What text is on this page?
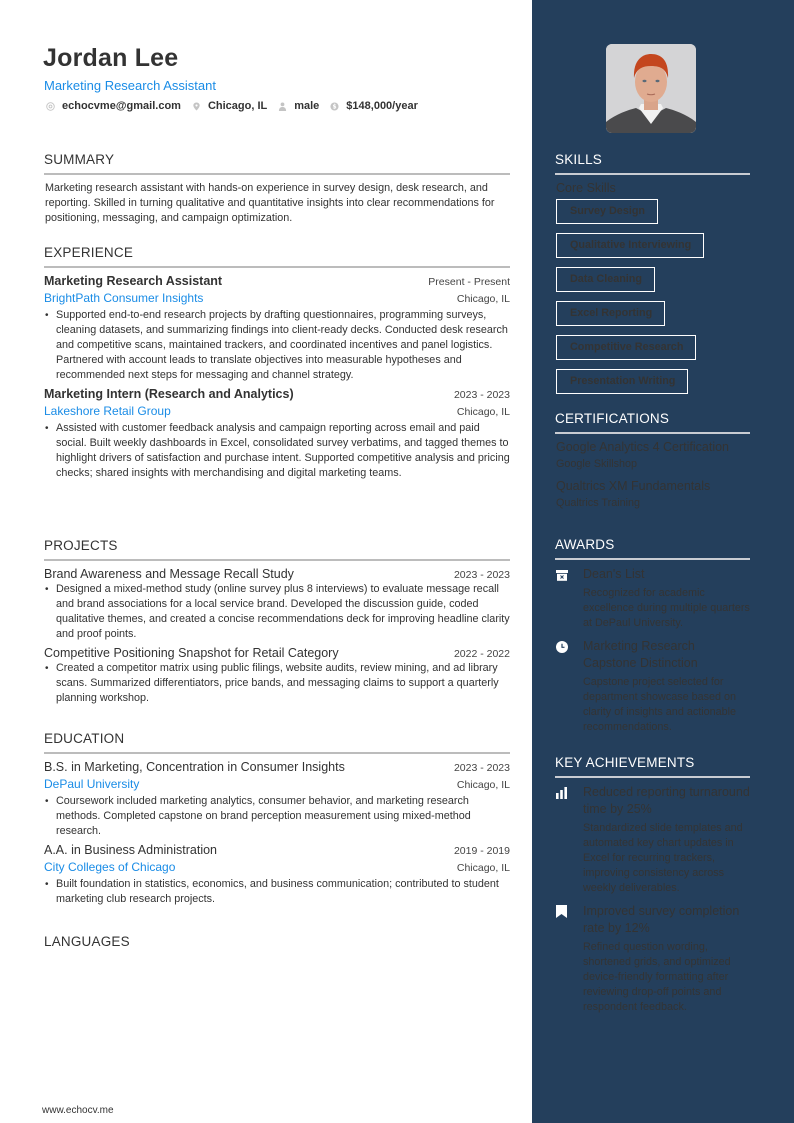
Jordan Lee
Marketing Research Assistant
echocvme@gmail.com Chicago, IL male $ $148,000/year
SUMMARY
Marketing research assistant with hands-on experience in survey design, desk research, and reporting. Skilled in turning qualitative and quantitative insights into clear recommendations for positioning, messaging, and campaign optimization.
EXPERIENCE
Marketing Research Assistant	Present - Present
BrightPath Consumer Insights	Chicago, IL
• Supported end-to-end research projects by drafting questionnaires, programming surveys, cleaning datasets, and summarizing findings into client-ready decks. Conducted desk research and competitive scans, maintained trackers, and coordinated incentives and panel logistics. Partnered with account leads to translate objectives into measurable hypotheses and recommended next steps for messaging and channel strategy.
Marketing Intern (Research and Analytics)	2023 - 2023
Lakeshore Retail Group	Chicago, IL
• Assisted with customer feedback analysis and campaign reporting across email and paid social. Built weekly dashboards in Excel, consolidated survey verbatims, and tagged themes to highlight drivers of satisfaction and purchase intent. Supported competitive analysis and pricing checks; shared insights with merchandising and digital marketing teams.
PROJECTS
Brand Awareness and Message Recall Study	2023 - 2023
• Designed a mixed-method study (online survey plus 8 interviews) to evaluate message recall and brand associations for a local service brand. Developed the discussion guide, coded qualitative themes, and created a concise recommendations deck for improving headline clarity and proof points.
Competitive Positioning Snapshot for Retail Category	2022 - 2022
• Created a competitor matrix using public filings, website audits, review mining, and ad library scans. Summarized differentiators, price bands, and messaging claims to support a quarterly planning workshop.
EDUCATION
B.S. in Marketing, Concentration in Consumer Insights	2023 - 2023
DePaul University	Chicago, IL
• Coursework included marketing analytics, consumer behavior, and marketing research methods. Completed capstone on brand perception measurement using mixed-method research.
A.A. in Business Administration	2019 - 2019
City Colleges of Chicago	Chicago, IL
• Built foundation in statistics, economics, and business communication; contributed to student marketing club research projects.
LANGUAGES
www.echocv.me
SKILLS
Core Skills
Survey Design
Qualitative Interviewing
Data Cleaning
Excel Reporting
Competitive Research
Presentation Writing
CERTIFICATIONS
Google Analytics 4 Certification
Google Skillshop
Qualtrics XM Fundamentals
Qualtrics Training
AWARDS
Dean's List
Recognized for academic excellence during multiple quarters at DePaul University.
Marketing Research Capstone Distinction
Capstone project selected for department showcase based on clarity of insights and actionable recommendations.
KEY ACHIEVEMENTS
Reduced reporting turnaround time by 25%
Standardized slide templates and automated key chart updates in Excel for recurring trackers, improving consistency across weekly deliverables.
Improved survey completion rate by 12%
Refined question wording, shortened grids, and optimized device-friendly formatting after reviewing drop-off points and respondent feedback.
